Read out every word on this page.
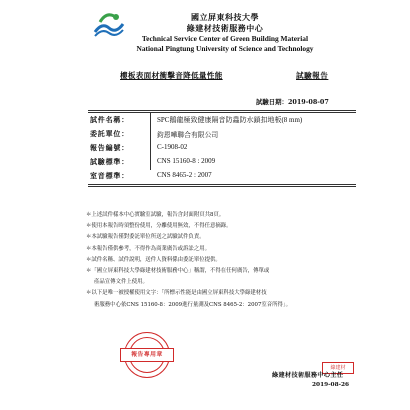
國立屏東科技大學
綠建材技術服務中心
Technical Service Center of Green Building Material
National Pingtung University of Science and Technology
樓板表面材衝擊音降低量性能	試驗報告
試驗日期：2019-08-07
試件名稱：	SPC鵝龍極致健康隔音防蟲防水鎖扣地板(8 mm)
委託單位：	鈞恩嘩聯合有限公司
報告編號：	C-1908-02
試驗標準：	CNS 15160-8 : 2009
室音標準：	CNS 8465-2 : 2007
＊上述試件樣本中心實驗室試驗，報告含封面附頁共8頁。
＊使用本報告時須整份使用，分離使用無效，不得任意摘錄。
＊本試驗報告僅對委託單位所送之試驗試件負責。
＊本報告僅供參考，不得作為商業廣告或訴訟之用。
＊試件名稱、試件說明，送件人資料係由委託單位提供。
＊「國立屏東科技大學綠建材技術服務中心」稱謂，不得在任何廣告，傳單或
產品宣傳文件上使用。
＊以下是唯一被授權使用文字：「所標示性能是由國立屏東科技大學綠建材技
術服務中心依CNS 15160-8：2009進行量測及CNS 8465-2：2007室音所得」。
報告專用章
綠建材
綠建材技術服務中心主任
2019-08-26
